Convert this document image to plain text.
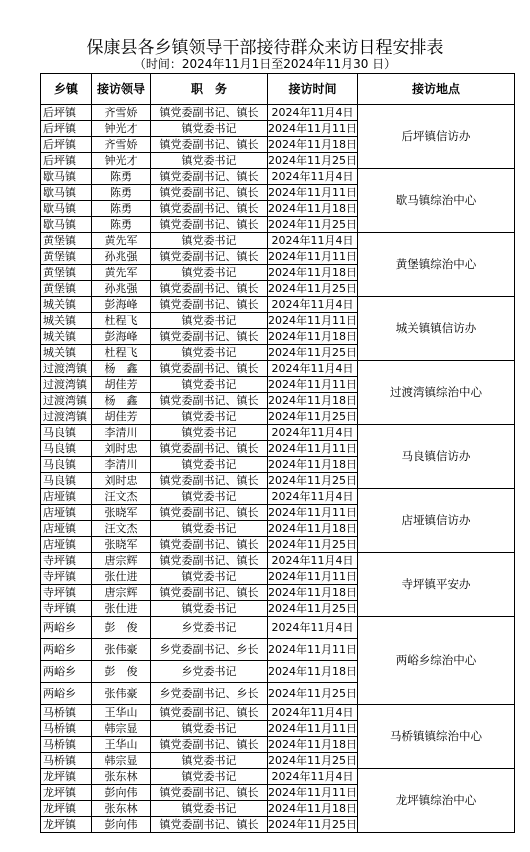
保康县各乡镇领导干部接待群众来访日程安排表
（时间：2024年11月1日至2024年11月30 日）
乡镇	接访领导	职　务	接访时间	接访地点
后坪镇	齐雪娇	镇党委副书记、镇长	2024年11月4日	后坪镇信访办
后坪镇	钟光才	镇党委书记	2024年11月11日	
后坪镇	齐雪娇	镇党委副书记、镇长	2024年11月18日	
后坪镇	钟光才	镇党委书记	2024年11月25日	
歇马镇	陈勇	镇党委副书记、镇长	2024年11月4日	歇马镇综治中心
歇马镇	陈勇	镇党委副书记、镇长	2024年11月11日	
歇马镇	陈勇	镇党委副书记、镇长	2024年11月18日	
歇马镇	陈勇	镇党委副书记、镇长	2024年11月25日	
黄堡镇	黄先军	镇党委书记	2024年11月4日	黄堡镇综治中心
黄堡镇	孙兆强	镇党委副书记、镇长	2024年11月11日	
黄堡镇	黄先军	镇党委书记	2024年11月18日	
黄堡镇	孙兆强	镇党委副书记、镇长	2024年11月25日	
城关镇	彭海峰	镇党委副书记、镇长	2024年11月4日	城关镇镇信访办
城关镇	杜程飞	镇党委书记	2024年11月11日	
城关镇	彭海峰	镇党委副书记、镇长	2024年11月18日	
城关镇	杜程飞	镇党委书记	2024年11月25日	
过渡湾镇	杨　鑫	镇党委副书记、镇长	2024年11月4日	过渡湾镇综治中心
过渡湾镇	胡佳芳	镇党委书记	2024年11月11日	
过渡湾镇	杨　鑫	镇党委副书记、镇长	2024年11月18日	
过渡湾镇	胡佳芳	镇党委书记	2024年11月25日	
马良镇	李清川	镇党委书记	2024年11月4日	马良镇信访办
马良镇	刘时忠	镇党委副书记、镇长	2024年11月11日	
马良镇	李清川	镇党委书记	2024年11月18日	
马良镇	刘时忠	镇党委副书记、镇长	2024年11月25日	
店垭镇	汪文杰	镇党委书记	2024年11月4日	店垭镇信访办
店垭镇	张晓军	镇党委副书记、镇长	2024年11月11日	
店垭镇	汪文杰	镇党委书记	2024年11月18日	
店垭镇	张晓军	镇党委副书记、镇长	2024年11月25日	
寺坪镇	唐宗辉	镇党委副书记、镇长	2024年11月4日	寺坪镇平安办
寺坪镇	张仕进	镇党委书记	2024年11月11日	
寺坪镇	唐宗辉	镇党委副书记、镇长	2024年11月18日	
寺坪镇	张仕进	镇党委书记	2024年11月25日	
两峪乡	彭　俊	乡党委书记	2024年11月4日	两峪乡综治中心
两峪乡	张伟豪	乡党委副书记、乡长	2024年11月11日	
两峪乡	彭　俊	乡党委书记	2024年11月18日	
两峪乡	张伟豪	乡党委副书记、乡长	2024年11月25日	
马桥镇	王华山	镇党委副书记、镇长	2024年11月4日	马桥镇镇综治中心
马桥镇	韩宗显	镇党委书记	2024年11月11日	
马桥镇	王华山	镇党委副书记、镇长	2024年11月18日	
马桥镇	韩宗显	镇党委书记	2024年11月25日	
龙坪镇	张东林	镇党委书记	2024年11月4日	龙坪镇综治中心
龙坪镇	彭向伟	镇党委副书记、镇长	2024年11月11日	
龙坪镇	张东林	镇党委书记	2024年11月18日	
龙坪镇	彭向伟	镇党委副书记、镇长	2024年11月25日	
